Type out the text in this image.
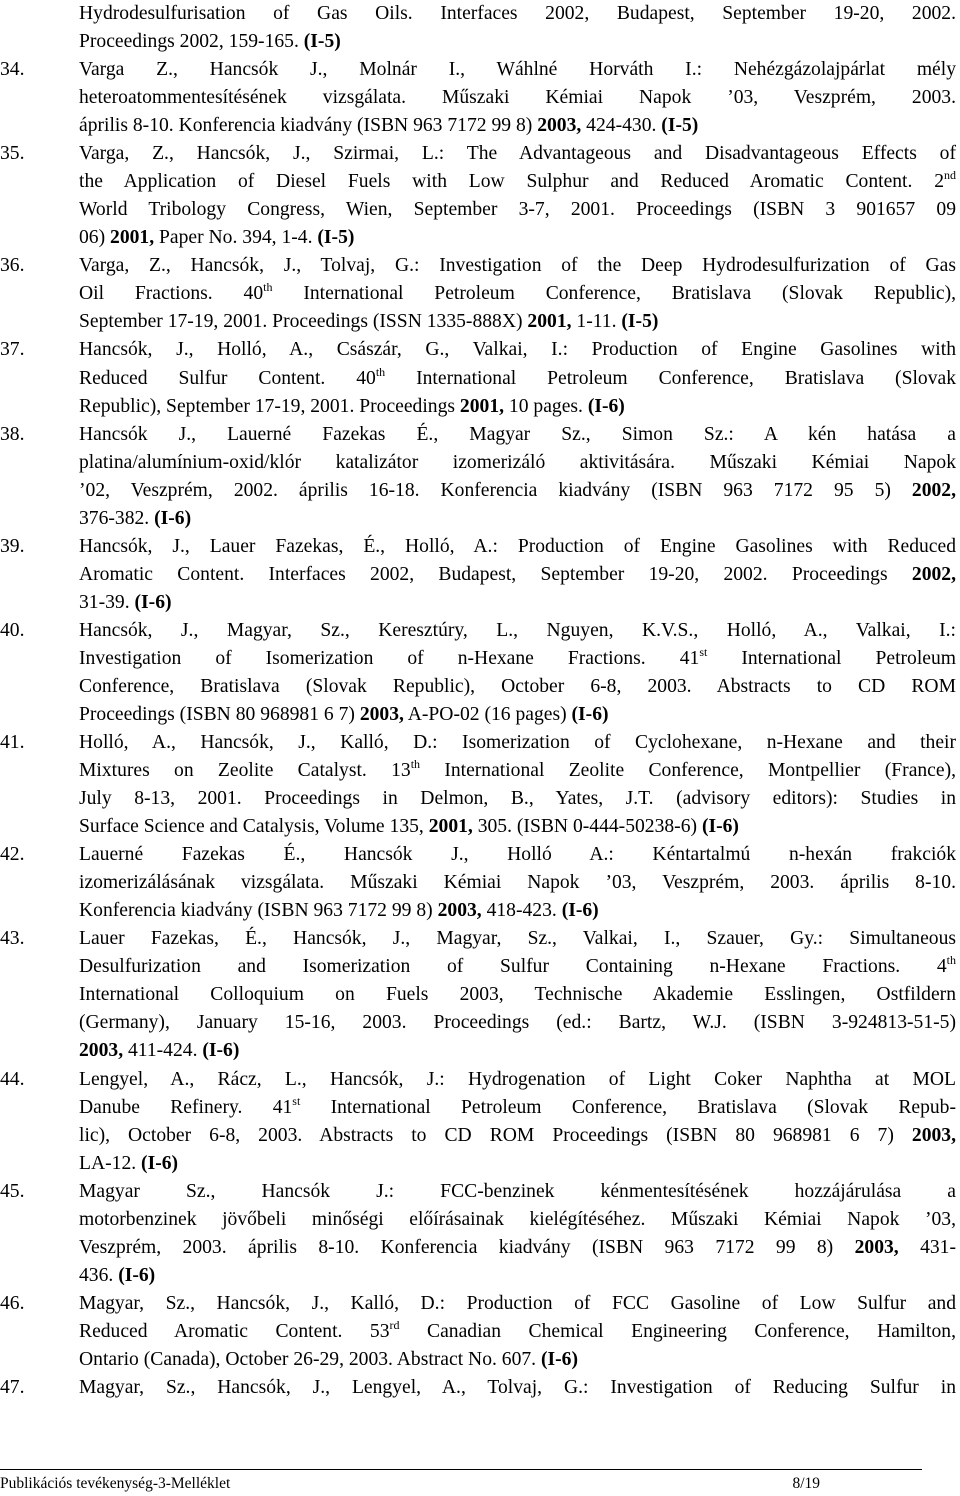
Hydrodesulfurisation of Gas Oils. Interfaces 2002, Budapest, September 19-20, 2002.
Proceedings 2002, 159-165. (I-5)
34.	Varga Z., Hancsók J., Molnár I., Wáhlné Horváth I.: Nehézgázolajpárlat mély
heteroatommentesítésének vizsgálata. Műszaki Kémiai Napok ’03, Veszprém, 2003.
április 8-10. Konferencia kiadvány (ISBN 963 7172 99 8) 2003, 424-430. (I-5)
35.	Varga, Z., Hancsók, J., Szirmai, L.: The Advantageous and Disadvantageous Effects of
the Application of Diesel Fuels with Low Sulphur and Reduced Aromatic Content. 2nd
World Tribology Congress, Wien, September 3-7, 2001. Proceedings (ISBN 3 901657 09
06) 2001, Paper No. 394, 1-4. (I-5)
36.	Varga, Z., Hancsók, J., Tolvaj, G.: Investigation of the Deep Hydrodesulfurization of Gas
Oil Fractions. 40th International Petroleum Conference, Bratislava (Slovak Republic),
September 17-19, 2001. Proceedings (ISSN 1335-888X) 2001, 1-11. (I-5)
37.	Hancsók, J., Holló, A., Császár, G., Valkai, I.: Production of Engine Gasolines with
Reduced Sulfur Content. 40th International Petroleum Conference, Bratislava (Slovak
Republic), September 17-19, 2001. Proceedings 2001, 10 pages. (I-6)
38.	Hancsók J., Lauerné Fazekas É., Magyar Sz., Simon Sz.: A kén hatása a
platina/alumínium-oxid/klór katalizátor izomerizáló aktivitására. Műszaki Kémiai Napok
’02, Veszprém, 2002. április 16-18. Konferencia kiadvány (ISBN 963 7172 95 5) 2002,
376-382. (I-6)
39.	Hancsók, J., Lauer Fazekas, É., Holló, A.: Production of Engine Gasolines with Reduced
Aromatic Content. Interfaces 2002, Budapest, September 19-20, 2002. Proceedings 2002,
31-39. (I-6)
40.	Hancsók, J., Magyar, Sz., Keresztúry, L., Nguyen, K.V.S., Holló, A., Valkai, I.:
Investigation of Isomerization of n-Hexane Fractions. 41st International Petroleum
Conference, Bratislava (Slovak Republic), October 6-8, 2003. Abstracts to CD ROM
Proceedings (ISBN 80 968981 6 7) 2003, A-PO-02 (16 pages) (I-6)
41.	Holló, A., Hancsók, J., Kalló, D.: Isomerization of Cyclohexane, n-Hexane and their
Mixtures on Zeolite Catalyst. 13th International Zeolite Conference, Montpellier (France),
July 8-13, 2001. Proceedings in Delmon, B., Yates, J.T. (advisory editors): Studies in
Surface Science and Catalysis, Volume 135, 2001, 305. (ISBN 0-444-50238-6) (I-6)
42.	Lauerné Fazekas É., Hancsók J., Holló A.: Kéntartalmú n-hexán frakciók
izomerizálásának vizsgálata. Műszaki Kémiai Napok ’03, Veszprém, 2003. április 8-10.
Konferencia kiadvány (ISBN 963 7172 99 8) 2003, 418-423. (I-6)
43.	Lauer Fazekas, É., Hancsók, J., Magyar, Sz., Valkai, I., Szauer, Gy.: Simultaneous
Desulfurization and Isomerization of Sulfur Containing n-Hexane Fractions. 4th
International Colloquium on Fuels 2003, Technische Akademie Esslingen, Ostfildern
(Germany), January 15-16, 2003. Proceedings (ed.: Bartz, W.J. (ISBN 3-924813-51-5)
2003, 411-424. (I-6)
44.	Lengyel, A., Rácz, L., Hancsók, J.: Hydrogenation of Light Coker Naphtha at MOL
Danube Refinery. 41st International Petroleum Conference, Bratislava (Slovak Repub-
lic), October 6-8, 2003. Abstracts to CD ROM Proceedings (ISBN 80 968981 6 7) 2003,
LA-12. (I-6)
45.	Magyar Sz., Hancsók J.: FCC-benzinek kénmentesítésének hozzájárulása a
motorbenzinek jövőbeli minőségi előírásainak kielégítéséhez. Műszaki Kémiai Napok ’03,
Veszprém, 2003. április 8-10. Konferencia kiadvány (ISBN 963 7172 99 8) 2003, 431-
436. (I-6)
46.	Magyar, Sz., Hancsók, J., Kalló, D.: Production of FCC Gasoline of Low Sulfur and
Reduced Aromatic Content. 53rd Canadian Chemical Engineering Conference, Hamilton,
Ontario (Canada), October 26-29, 2003. Abstract No. 607. (I-6)
47.	Magyar, Sz., Hancsók, J., Lengyel, A., Tolvaj, G.: Investigation of Reducing Sulfur in
Publikációs tevékenység-3-Melléklet	8/19
